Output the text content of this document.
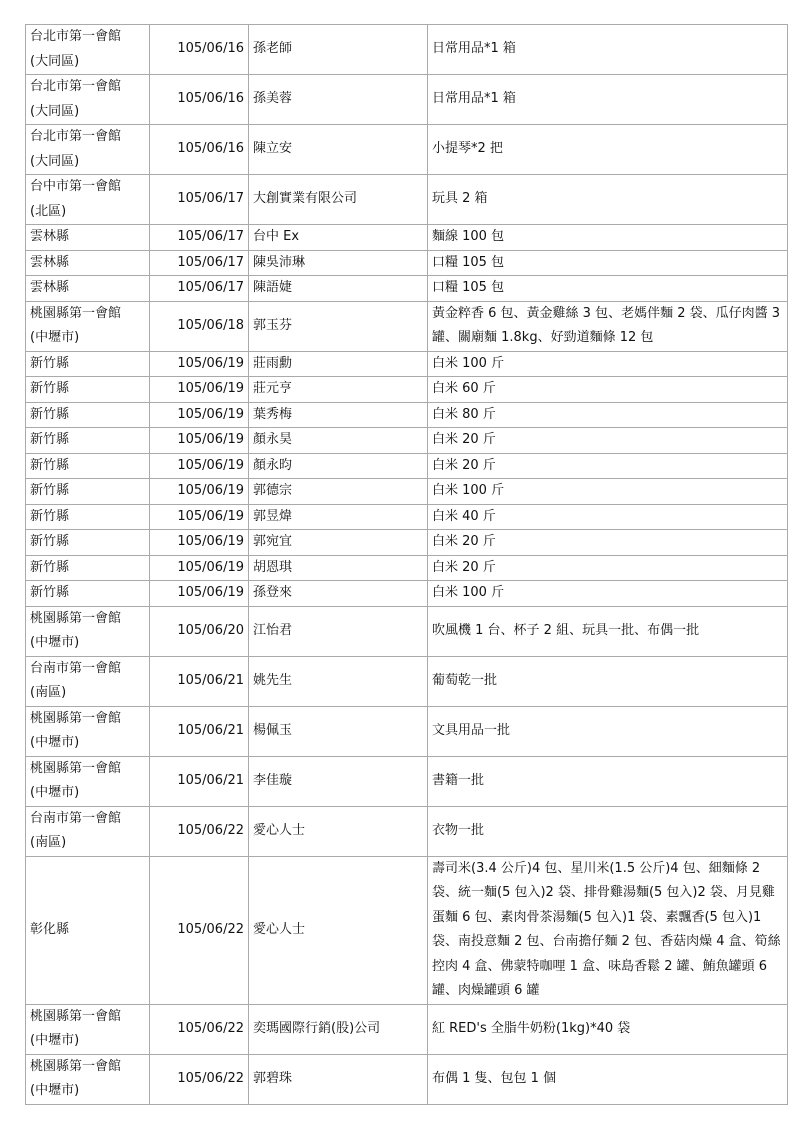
台北市第一會館
(大同區)	105/06/16	孫老師	日常用品*1 箱
台北市第一會館
(大同區)	105/06/16	孫美蓉	日常用品*1 箱
台北市第一會館
(大同區)	105/06/16	陳立安	小提琴*2 把
台中市第一會館
(北區)	105/06/17	大創實業有限公司	玩具 2 箱
雲林縣	105/06/17	台中 Ex	麵線 100 包
雲林縣	105/06/17	陳吳沛琳	口糧 105 包
雲林縣	105/06/17	陳語婕	口糧 105 包
桃園縣第一會館
(中壢市)	105/06/18	郭玉芬	黃金粹香 6 包、黃金雞絲 3 包、老媽伴麵 2 袋、瓜仔肉醬 3 罐、關廟麵 1.8kg、好勁道麵條 12 包
新竹縣	105/06/19	莊雨勳	白米 100 斤
新竹縣	105/06/19	莊元亨	白米 60 斤
新竹縣	105/06/19	葉秀梅	白米 80 斤
新竹縣	105/06/19	顏永昊	白米 20 斤
新竹縣	105/06/19	顏永昀	白米 20 斤
新竹縣	105/06/19	郭德宗	白米 100 斤
新竹縣	105/06/19	郭昱煒	白米 40 斤
新竹縣	105/06/19	郭宛宜	白米 20 斤
新竹縣	105/06/19	胡恩琪	白米 20 斤
新竹縣	105/06/19	孫登來	白米 100 斤
桃園縣第一會館
(中壢市)	105/06/20	江怡君	吹風機 1 台、杯子 2 組、玩具一批、布偶一批
台南市第一會館
(南區)	105/06/21	姚先生	葡萄乾一批
桃園縣第一會館
(中壢市)	105/06/21	楊佩玉	文具用品一批
桃園縣第一會館
(中壢市)	105/06/21	李佳璇	書籍一批
台南市第一會館
(南區)	105/06/22	愛心人士	衣物一批
彰化縣	105/06/22	愛心人士	壽司米(3.4 公斤)4 包、星川米(1.5 公斤)4 包、細麵條 2 袋、統一麵(5 包入)2 袋、排骨雞湯麵(5 包入)2 袋、月見雞蛋麵 6 包、素肉骨茶湯麵(5 包入)1 袋、素飄香(5 包入)1 袋、南投意麵 2 包、台南擔仔麵 2 包、香菇肉燥 4 盒、筍絲控肉 4 盒、佛蒙特咖哩 1 盒、味島香鬆 2 罐、鮪魚罐頭 6 罐、肉燥罐頭 6 罐
桃園縣第一會館
(中壢市)	105/06/22	奕瑪國際行銷(股)公司	紅 RED's 全脂牛奶粉(1kg)*40 袋
桃園縣第一會館
(中壢市)	105/06/22	郭碧珠	布偶 1 隻、包包 1 個
